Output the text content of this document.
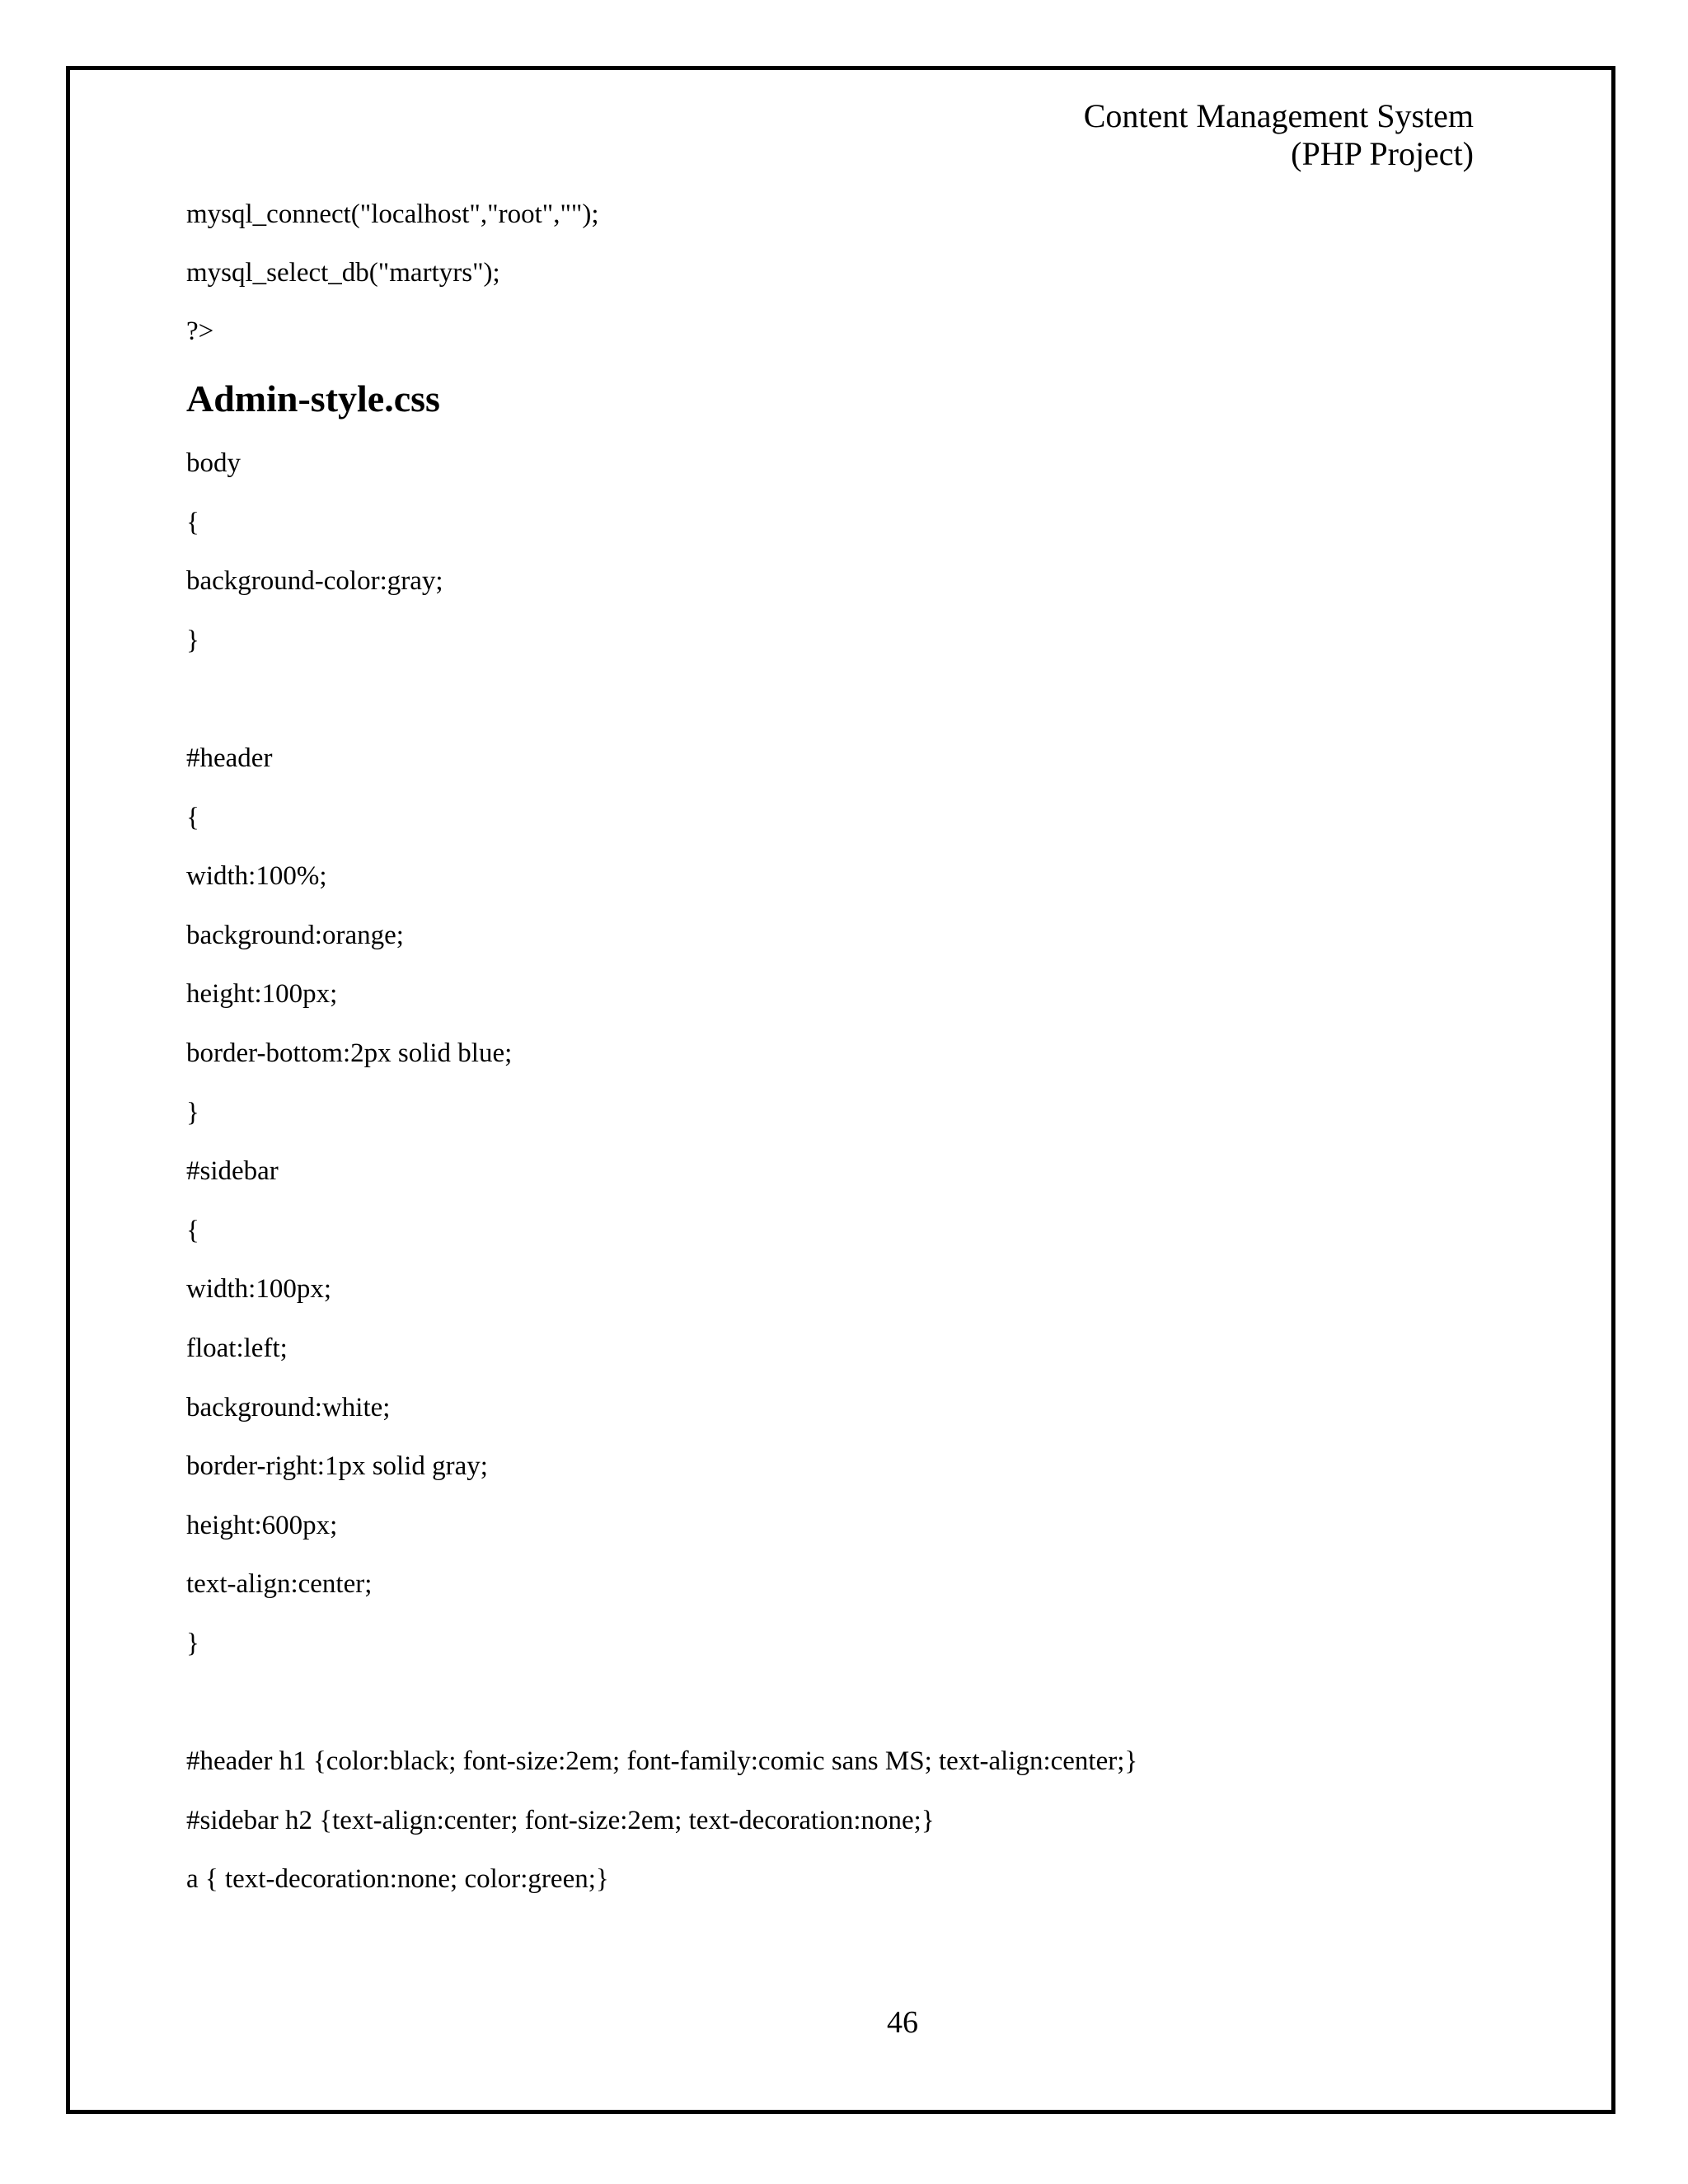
Content Management System
(PHP Project)
mysql_connect("localhost","root","");
mysql_select_db("martyrs");
?>
Admin-style.css
body
{
background-color:gray;
}
#header
{
width:100%;
background:orange;
height:100px;
border-bottom:2px solid blue;
}
#sidebar
{
width:100px;
float:left;
background:white;
border-right:1px solid gray;
height:600px;
text-align:center;
}
#header h1 {color:black; font-size:2em; font-family:comic sans MS; text-align:center;}
#sidebar h2 {text-align:center; font-size:2em; text-decoration:none;}
a { text-decoration:none; color:green;}
46
